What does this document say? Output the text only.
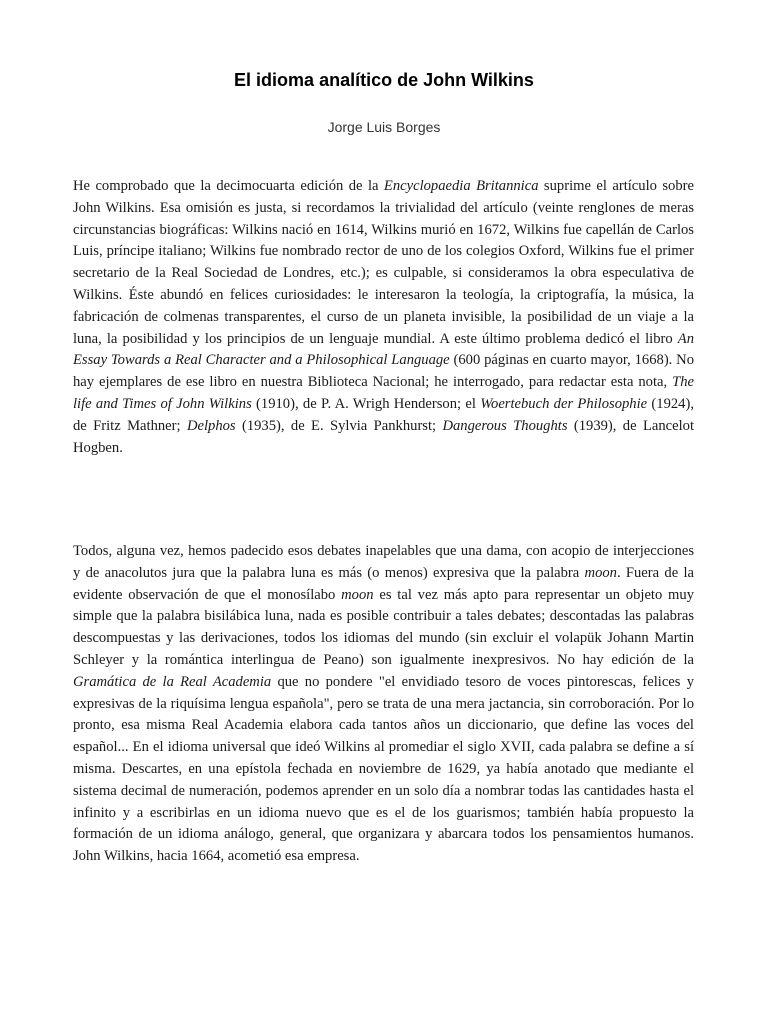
El idioma analítico de John Wilkins
Jorge Luis Borges

He comprobado que la decimocuarta edición de la Encyclopaedia Britannica suprime el artículo sobre John Wilkins. Esa omisión es justa, si recordamos la trivialidad del artículo (veinte renglones de meras circunstancias biográficas: Wilkins nació en 1614, Wilkins murió en 1672, Wilkins fue capellán de Carlos Luis, príncipe italiano; Wilkins fue nombrado rector de uno de los colegios Oxford, Wilkins fue el primer secretario de la Real Sociedad de Londres, etc.); es culpable, si consideramos la obra especulativa de Wilkins. Éste abundó en felices curiosidades: le interesaron la teología, la criptografía, la música, la fabricación de colmenas transparentes, el curso de un planeta invisible, la posibilidad de un viaje a la luna, la posibilidad y los principios de un lenguaje mundial. A este último problema dedicó el libro An Essay Towards a Real Character and a Philosophical Language (600 páginas en cuarto mayor, 1668). No hay ejemplares de ese libro en nuestra Biblioteca Nacional; he interrogado, para redactar esta nota, The life and Times of John Wilkins (1910), de P. A. Wrigh Henderson; el Woertebuch der Philosophie (1924), de Fritz Mathner; Delphos (1935), de E. Sylvia Pankhurst; Dangerous Thoughts (1939), de Lancelot Hogben.

Todos, alguna vez, hemos padecido esos debates inapelables que una dama, con acopio de interjecciones y de anacolutos jura que la palabra luna es más (o menos) expresiva que la palabra moon. Fuera de la evidente observación de que el monosílabo moon es tal vez más apto para representar un objeto muy simple que la palabra bisilábica luna, nada es posible contribuir a tales debates; descontadas las palabras descompuestas y las derivaciones, todos los idiomas del mundo (sin excluir el volapük Johann Martin Schleyer y la romántica interlingua de Peano) son igualmente inexpresivos. No hay edición de la Gramática de la Real Academia que no pondere "el envidiado tesoro de voces pintorescas, felices y expresivas de la riquísima lengua española", pero se trata de una mera jactancia, sin corroboración. Por lo pronto, esa misma Real Academia elabora cada tantos años un diccionario, que define las voces del español... En el idioma universal que ideó Wilkins al promediar el siglo XVII, cada palabra se define a sí misma. Descartes, en una epístola fechada en noviembre de 1629, ya había anotado que mediante el sistema decimal de numeración, podemos aprender en un solo día a nombrar todas las cantidades hasta el infinito y a escribirlas en un idioma nuevo que es el de los guarismos; también había propuesto la formación de un idioma análogo, general, que organizara y abarcara todos los pensamientos humanos. John Wilkins, hacia 1664, acometió esa empresa.
